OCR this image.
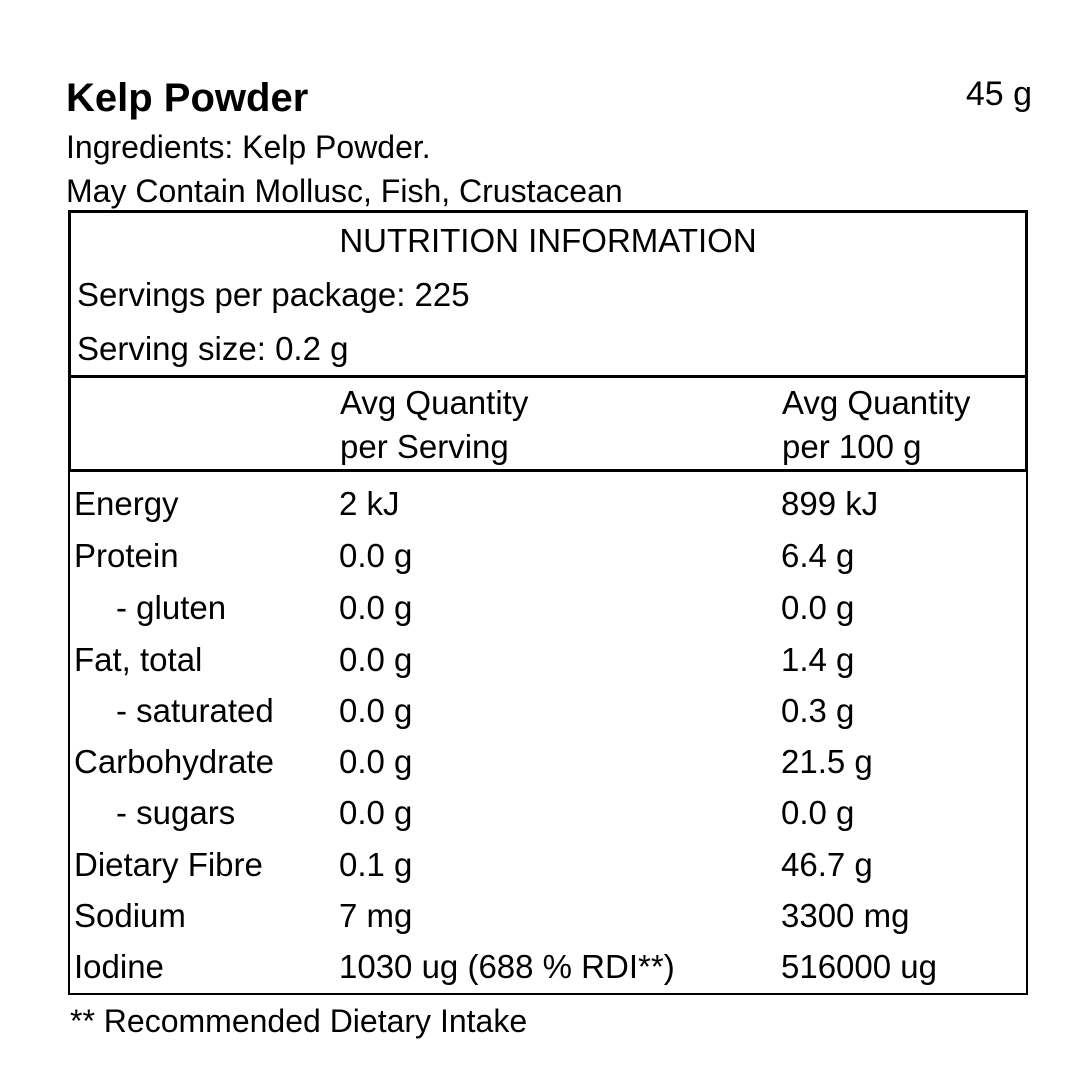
Kelp Powder	45 g
Ingredients: Kelp Powder.
May Contain Mollusc, Fish, Crustacean
NUTRITION INFORMATION
Servings per package: 225
Serving size: 0.2 g
Avg Quantity
per Serving
Avg Quantity
per 100 g
Energy	2 kJ	899 kJ
Protein	0.0 g	6.4 g
- gluten	0.0 g	0.0 g
Fat, total	0.0 g	1.4 g
- saturated 0.0 g	0.3 g
Carbohydrate 0.0 g	21.5 g
- sugars	0.0 g	0.0 g
Dietary Fibre 0.1 g	46.7 g
Sodium	7 mg	3300 mg
Iodine	1030 ug (688 % RDI**)	516000 ug
** Recommended Dietary Intake
